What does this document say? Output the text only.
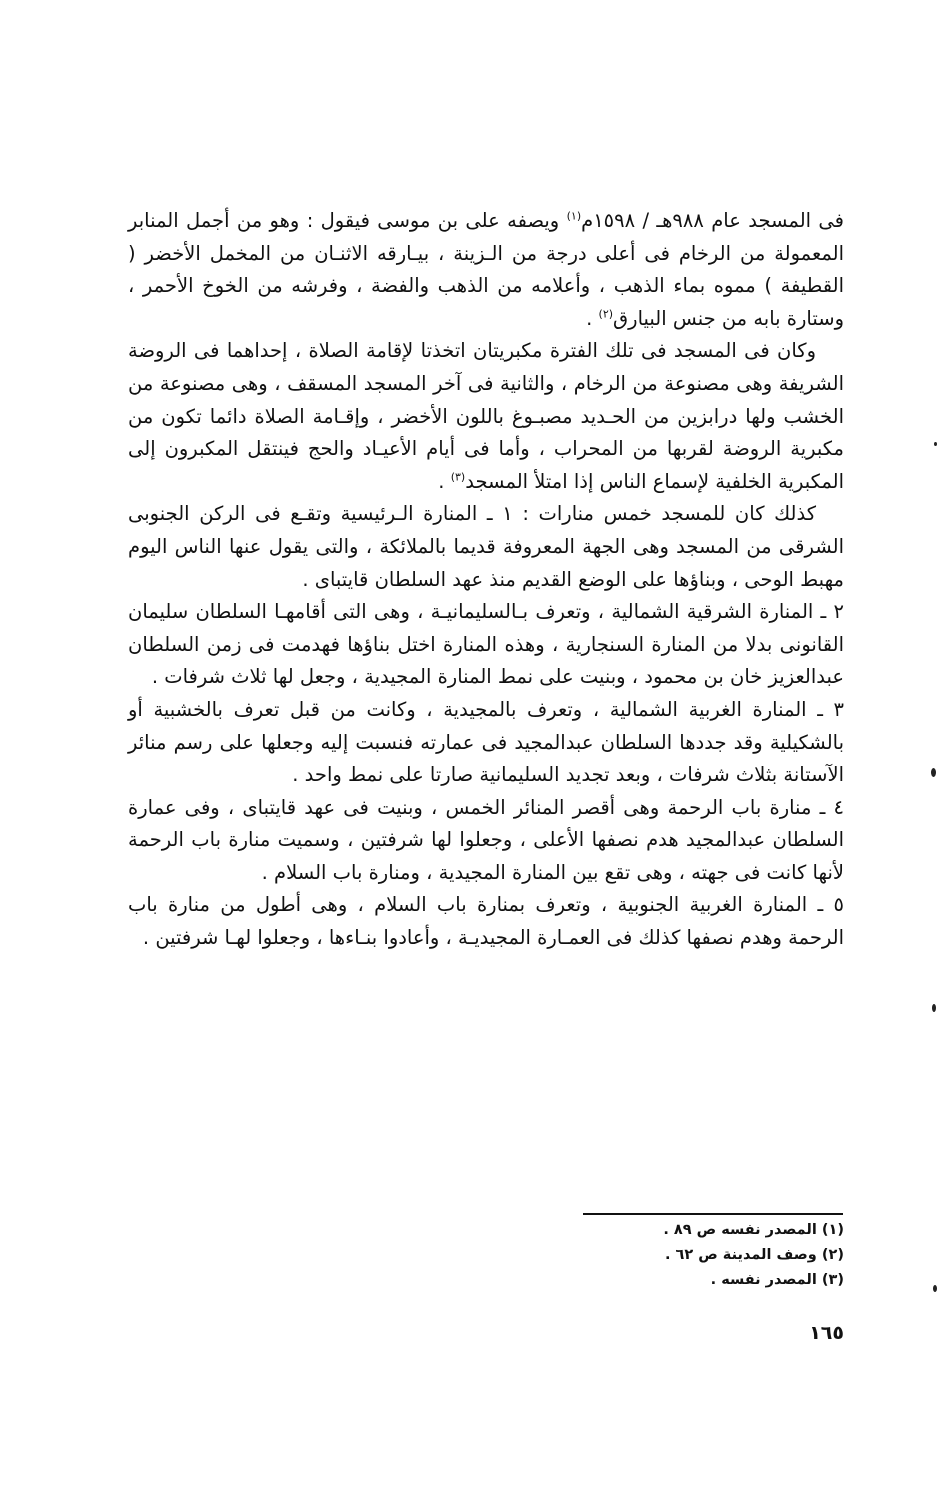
فى المسجد عام ٩٨٨هـ / ١٥٩٨م$^{(١)}$ ويصفه على بن موسى فيقول : وهو من أجمل المنابر المعمولة من الرخام فى أعلى درجة من الـزينة ، بيـارقه الاثنـان من المخمل الأخضر ( القطيفة ) مموه بماء الذهب ، وأعلامه من الذهب والفضة ، وفرشه من الخوخ الأحمر ، وستارة بابه من جنس البيارق$^{(٢)}$ .

وكان فى المسجد فى تلك الفترة مكبريتان اتخذتا لإقامة الصلاة ، إحداهما فى الروضة الشريفة وهى مصنوعة من الرخام ، والثانية فى آخر المسجد المسقف ، وهى مصنوعة من الخشب ولها درابزين من الحـديد مصبـوغ باللون الأخضر ، وإقـامة الصلاة دائما تكون من مكبرية الروضة لقربها من المحراب ، وأما فى أيام الأعيـاد والحج فينتقل المكبرون إلى المكبرية الخلفية لإسماع الناس إذا امتلأ المسجد$^{(٣)}$ .

كذلك كان للمسجد خمس منارات : ١ ـ المنارة الـرئيسية وتقـع فى الركن الجنوبى الشرقى من المسجد وهى الجهة المعروفة قديما بالملائكة ، والتى يقول عنها الناس اليوم مهبط الوحى ، وبناؤها على الوضع القديم منذ عهد السلطان قايتباى .

٢ ـ المنارة الشرقية الشمالية ، وتعرف بـالسليمانيـة ، وهى التى أقامهـا السلطان سليمان القانونى بدلا من المنارة السنجارية ، وهذه المنارة اختل بناؤها فهدمت فى زمن السلطان عبدالعزيز خان بن محمود ، وبنيت على نمط المنارة المجيدية ، وجعل لها ثلاث شرفات .

٣ ـ المنارة الغربية الشمالية ، وتعرف بالمجيدية ، وكانت من قبل تعرف بالخشبية أو بالشكيلية وقد جددها السلطان عبدالمجيد فى عمارته فنسبت إليه وجعلها على رسم منائر الآستانة بثلاث شرفات ، وبعد تجديد السليمانية صارتا على نمط واحد .

٤ ـ منارة باب الرحمة وهى أقصر المنائر الخمس ، وبنيت فى عهد قايتباى ، وفى عمارة السلطان عبدالمجيد هدم نصفها الأعلى ، وجعلوا لها شرفتين ، وسميت منارة باب الرحمة لأنها كانت فى جهته ، وهى تقع بين المنارة المجيدية ، ومنارة باب السلام .

٥ ـ المنارة الغربية الجنوبية ، وتعرف بمنارة باب السلام ، وهى أطول من منارة باب الرحمة وهدم نصفها كذلك فى العمـارة المجيديـة ، وأعادوا بنـاءها ، وجعلوا لهـا شرفتين .

(١) المصدر نفسه ص ٨٩ .
(٢) وصف المدينة ص ٦٢ .
(٣) المصدر نفسه .
١٦٥
